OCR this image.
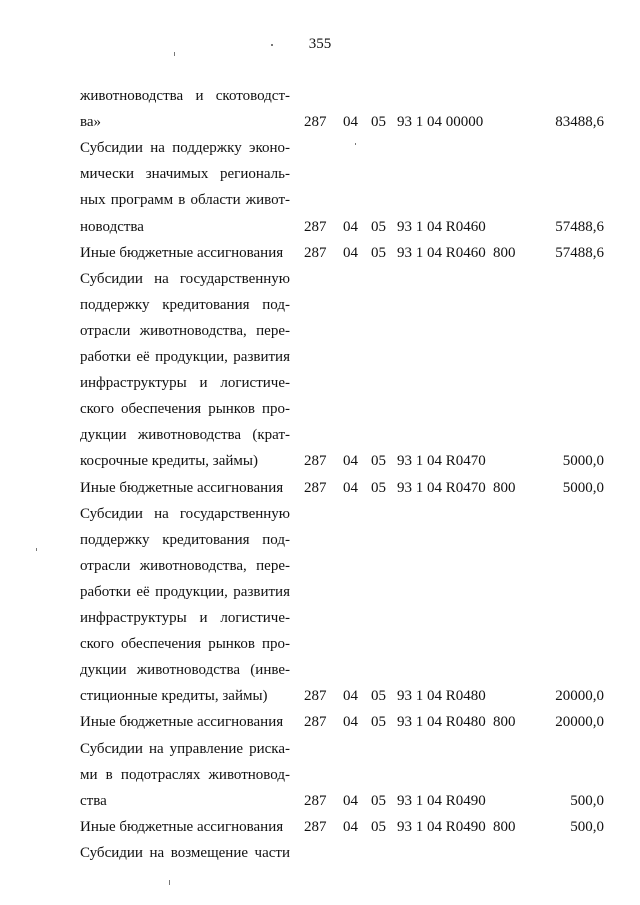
355
животноводства и скотоводст-
ва»	287 04 05 93 1 04 00000	83488,6
Субсидии на поддержку эконо-
мически значимых региональ-
ных программ в области живот-
новодства	287 04 05 93 1 04 R0460	57488,6
Иные бюджетные ассигнования	287 04 05 93 1 04 R0460 800	57488,6
Субсидии на государственную
поддержку кредитования под-
отрасли животноводства, пере-
работки её продукции, развития
инфраструктуры и логистиче-
ского обеспечения рынков про-
дукции животноводства (крат-
косрочные кредиты, займы)	287 04 05 93 1 04 R0470	5000,0
Иные бюджетные ассигнования	287 04 05 93 1 04 R0470 800	5000,0
Субсидии на государственную
поддержку кредитования под-
отрасли животноводства, пере-
работки её продукции, развития
инфраструктуры и логистиче-
ского обеспечения рынков про-
дукции животноводства (инве-
стиционные кредиты, займы)	287 04 05 93 1 04 R0480	20000,0
Иные бюджетные ассигнования	287 04 05 93 1 04 R0480 800	20000,0
Субсидии на управление риска-
ми в подотраслях животновод-
ства	287 04 05 93 1 04 R0490	500,0
Иные бюджетные ассигнования	287 04 05 93 1 04 R0490 800	500,0
Субсидии на возмещение части
